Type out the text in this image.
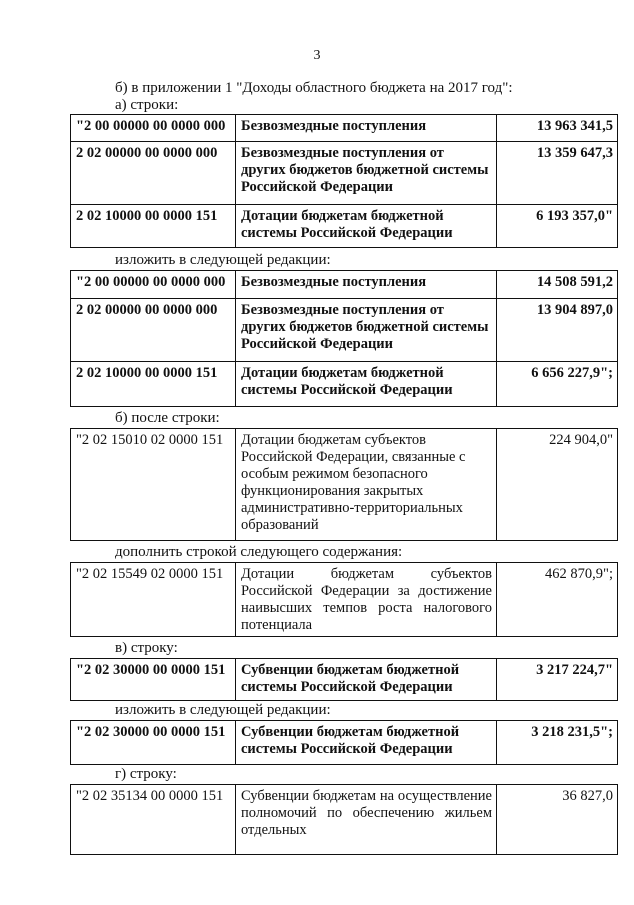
3
б) в приложении 1 "Доходы областного бюджета на 2017 год":
а) строки:
"2 00 00000 00 0000 000	Безвозмездные поступления	13 963 341,5
2 02 00000 00 0000 000	Безвозмездные поступления от других бюджетов бюджетной системы Российской Федерации	13 359 647,3
2 02 10000 00 0000 151	Дотации бюджетам бюджетной системы Российской Федерации	6 193 357,0"
изложить в следующей редакции:
"2 00 00000 00 0000 000	Безвозмездные поступления	14 508 591,2
2 02 00000 00 0000 000	Безвозмездные поступления от других бюджетов бюджетной системы Российской Федерации	13 904 897,0
2 02 10000 00 0000 151	Дотации бюджетам бюджетной системы Российской Федерации	6 656 227,9";
б) после строки:
"2 02 15010 02 0000 151	Дотации бюджетам субъектов Российской Федерации, связанные с особым режимом безопасного функционирования закрытых административно-территориальных образований	224 904,0"
дополнить строкой следующего содержания:
"2 02 15549 02 0000 151	Дотации бюджетам субъектов Российской Федерации за достижение наивысших темпов роста налогового потенциала	462 870,9";
в) строку:
"2 02 30000 00 0000 151	Субвенции бюджетам бюджетной системы Российской Федерации	3 217 224,7"
изложить в следующей редакции:
"2 02 30000 00 0000 151	Субвенции бюджетам бюджетной системы Российской Федерации	3 218 231,5";
г) строку:
"2 02 35134 00 0000 151	Субвенции бюджетам на осуществление полномочий по обеспечению жильем отдельных	36 827,0
